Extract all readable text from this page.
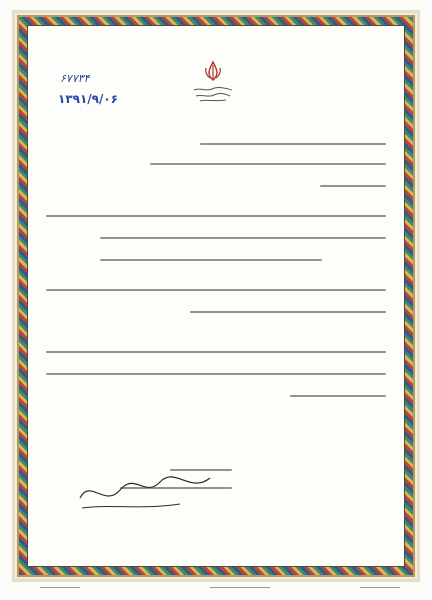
۶۷۷۳۴
۱۳۹۱/۹/۰۶
